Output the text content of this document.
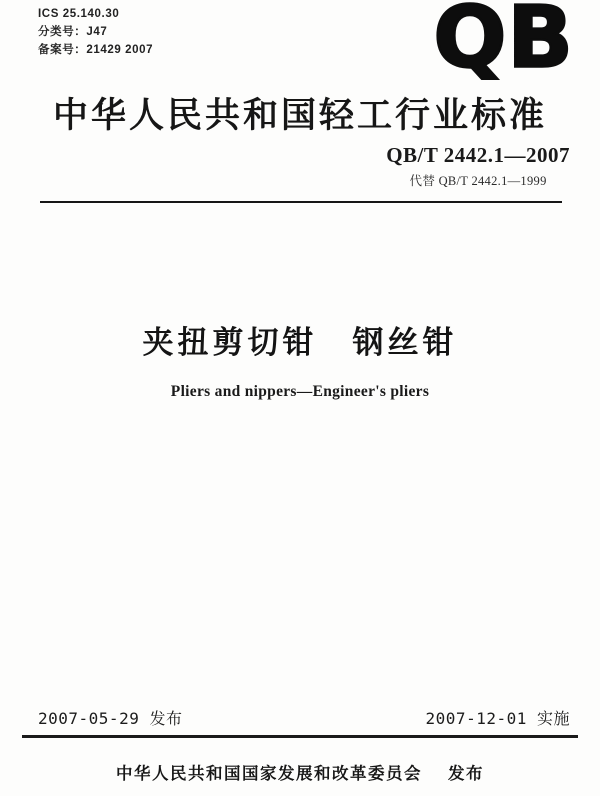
ICS 25.140.30
分类号：J47
备案号：21429 2007	QB
中华人民共和国轻工行业标准
QB/T 2442.1—2007
代替 QB/T 2442.1—1999
夹扭剪切钳　钢丝钳
Pliers and nippers—Engineer's pliers
2007-05-29 发布	2007-12-01 实施
中华人民共和国国家发展和改革委员会 发布
